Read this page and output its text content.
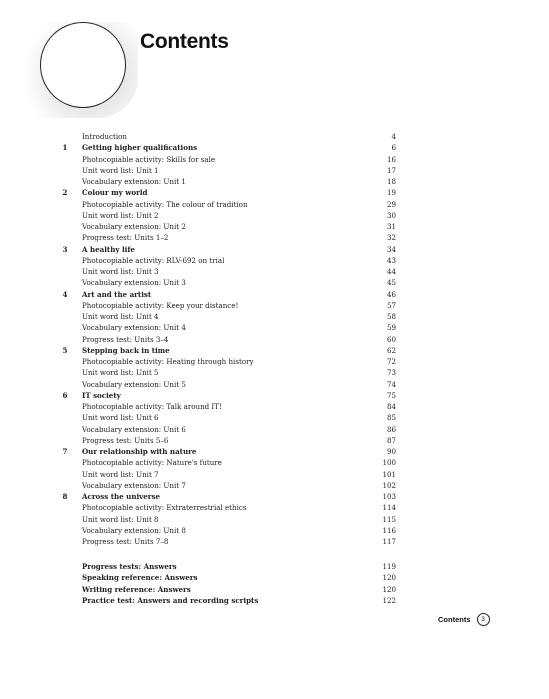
Contents
Introduction	4
1	Getting higher qualifications	6
Photocopiable activity: Skills for sale	16
Unit word list: Unit 1	17
Vocabulary extension: Unit 1	18
2	Colour my world	19
Photocopiable activity: The colour of tradition	29
Unit word list: Unit 2	30
Vocabulary extension: Unit 2	31
Progress test: Units 1–2	32
3	A healthy life	34
Photocopiable activity: RLV-692 on trial	43
Unit word list: Unit 3	44
Vocabulary extension: Unit 3	45
4	Art and the artist	46
Photocopiable activity: Keep your distance!	57
Unit word list: Unit 4	58
Vocabulary extension: Unit 4	59
Progress test: Units 3–4	60
5	Stepping back in time	62
Photocopiable activity: Heating through history	72
Unit word list: Unit 5	73
Vocabulary extension: Unit 5	74
6	IT society	75
Photocopiable activity: Talk around IT!	84
Unit word list: Unit 6	85
Vocabulary extension: Unit 6	86
Progress test: Units 5–6	87
7	Our relationship with nature	90
Photocopiable activity: Nature's future	100
Unit word list: Unit 7	101
Vocabulary extension: Unit 7	102
8	Across the universe	103
Photocopiable activity: Extraterrestrial ethics	114
Unit word list: Unit 8	115
Vocabulary extension: Unit 8	116
Progress test: Units 7–8	117
Progress tests: Answers	119
Speaking reference: Answers	120
Writing reference: Answers	120
Practice test: Answers and recording scripts	122
Contents 3
